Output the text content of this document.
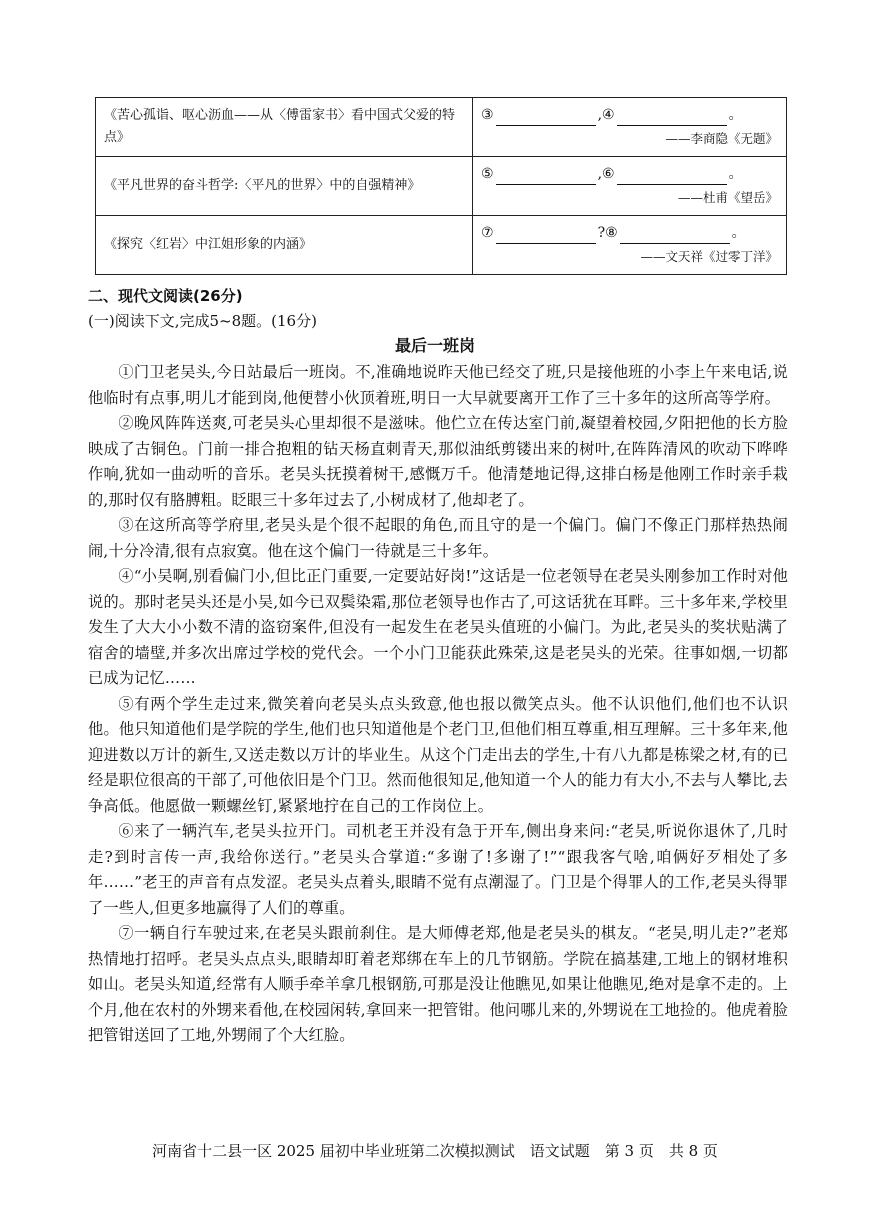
《苦心孤诣、呕心沥血——从〈傅雷家书〉看中国式父爱的特点》	③ , ④ 。
——李商隐《无题》

《平凡世界的奋斗哲学:〈平凡的世界〉中的自强精神》	⑤ , ⑥ 。
——杜甫《望岳》

《探究〈红岩〉中江姐形象的内涵》	⑦ ? ⑧ 。
——文天祥《过零丁洋》
二、现代文阅读(26分)
(一)阅读下文,完成5~8题。(16分)
最后一班岗

①门卫老吴头,今日站最后一班岗。不,准确地说昨天他已经交了班,只是接他班的小李上午来电话,说他临时有点事,明儿才能到岗,他便替小伙顶着班,明日一大早就要离开工作了三十多年的这所高等学府。

②晚风阵阵送爽,可老吴头心里却很不是滋味。他伫立在传达室门前,凝望着校园,夕阳把他的长方脸映成了古铜色。门前一排合抱粗的钻天杨直刺青天,那似油纸剪镂出来的树叶,在阵阵清风的吹动下哗哗作响,犹如一曲动听的音乐。老吴头抚摸着树干,感慨万千。他清楚地记得,这排白杨是他刚工作时亲手栽的,那时仅有胳膊粗。眨眼三十多年过去了,小树成材了,他却老了。

③在这所高等学府里,老吴头是个很不起眼的角色,而且守的是一个偏门。偏门不像正门那样热热闹闹,十分冷清,很有点寂寞。他在这个偏门一待就是三十多年。

④“小吴啊,别看偏门小,但比正门重要,一定要站好岗!”这话是一位老领导在老吴头刚参加工作时对他说的。那时老吴头还是小吴,如今已双鬓染霜,那位老领导也作古了,可这话犹在耳畔。三十多年来,学校里发生了大大小小数不清的盗窃案件,但没有一起发生在老吴头值班的小偏门。为此,老吴头的奖状贴满了宿舍的墙壁,并多次出席过学校的党代会。一个小门卫能获此殊荣,这是老吴头的光荣。往事如烟,一切都已成为记忆……

⑤有两个学生走过来,微笑着向老吴头点头致意,他也报以微笑点头。他不认识他们,他们也不认识他。他只知道他们是学院的学生,他们也只知道他是个老门卫,但他们相互尊重,相互理解。三十多年来,他迎进数以万计的新生,又送走数以万计的毕业生。从这个门走出去的学生,十有八九都是栋梁之材,有的已经是职位很高的干部了,可他依旧是个门卫。然而他很知足,他知道一个人的能力有大小,不去与人攀比,去争高低。他愿做一颗螺丝钉,紧紧地拧在自己的工作岗位上。

⑥来了一辆汽车,老吴头拉开门。司机老王并没有急于开车,侧出身来问:“老吴,听说你退休了,几时走?到时言传一声,我给你送行。”老吴头合掌道:“多谢了!多谢了!”“跟我客气啥,咱俩好歹相处了多年……”老王的声音有点发涩。老吴头点着头,眼睛不觉有点潮湿了。门卫是个得罪人的工作,老吴头得罪了一些人,但更多地赢得了人们的尊重。

⑦一辆自行车驶过来,在老吴头跟前刹住。是大师傅老郑,他是老吴头的棋友。“老吴,明儿走?”老郑热情地打招呼。老吴头点点头,眼睛却盯着老郑绑在车上的几节钢筋。学院在搞基建,工地上的钢材堆积如山。老吴头知道,经常有人顺手牵羊拿几根钢筋,可那是没让他瞧见,如果让他瞧见,绝对是拿不走的。上个月,他在农村的外甥来看他,在校园闲转,拿回来一把管钳。他问哪儿来的,外甥说在工地捡的。他虎着脸把管钳送回了工地,外甥闹了个大红脸。

河南省十二县一区 2025 届初中毕业班第二次模拟测试　语文试题　第 3 页　共 8 页
